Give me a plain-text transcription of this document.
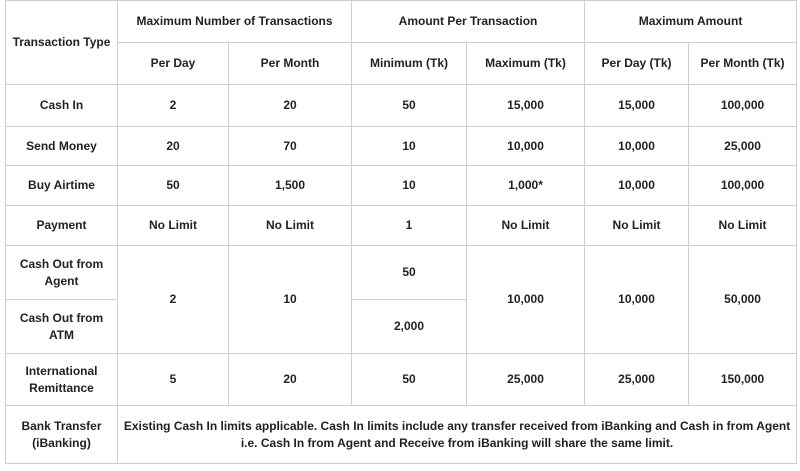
Transaction Type	Maximum Number of Transactions		Amount Per Transaction		Maximum Amount	
	Per Day	Per Month	Minimum (Tk)	Maximum (Tk)	Per Day (Tk)	Per Month (Tk)
Cash In	2	20	50	15,000	15,000	100,000
Send Money	20	70	10	10,000	10,000	25,000
Buy Airtime	50	1,500	10	1,000*	10,000	100,000
Payment	No Limit	No Limit	1	No Limit	No Limit	No Limit
Cash Out from Agent	2	10	50	10,000	10,000	50,000
Cash Out from ATM			2,000			
International Remittance	5	20	50	25,000	25,000	150,000
Bank Transfer (iBanking)	Existing Cash In limits applicable. Cash In limits include any transfer received from iBanking and Cash in from Agent i.e. Cash In from Agent and Receive from iBanking will share the same limit.					
